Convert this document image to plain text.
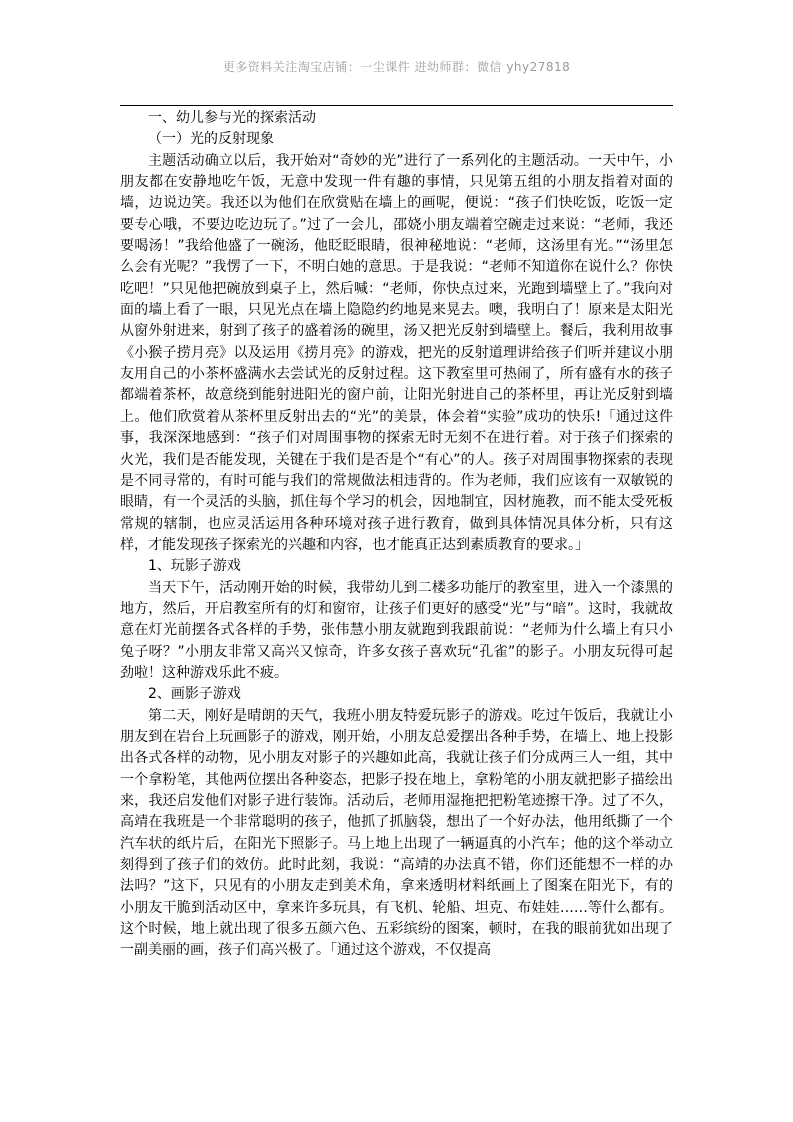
更多资料关注淘宝店铺：一尘课件 进幼师群：微信 yhy27818

一、幼儿参与光的探索活动

（一）光的反射现象

主题活动确立以后，我开始对“奇妙的光”进行了一系列化的主题活动。一天中午，小朋友都在安静地吃午饭，无意中发现一件有趣的事情，只见第五组的小朋友指着对面的墙，边说边笑。我还以为他们在欣赏贴在墙上的画呢，便说：“孩子们快吃饭，吃饭一定要专心哦，不要边吃边玩了。”过了一会儿，邵娆小朋友端着空碗走过来说：“老师，我还要喝汤！”我给他盛了一碗汤，他眨眨眼睛，很神秘地说：“老师，这汤里有光。”“汤里怎么会有光呢？”我愣了一下，不明白她的意思。于是我说：“老师不知道你在说什么？你快吃吧！”只见他把碗放到桌子上，然后喊：“老师，你快点过来，光跑到墙壁上了。”我向对面的墙上看了一眼，只见光点在墙上隐隐约约地晃来晃去。噢，我明白了！原来是太阳光从窗外射进来，射到了孩子的盛着汤的碗里，汤又把光反射到墙壁上。餐后，我利用故事《小猴子捞月亮》以及运用《捞月亮》的游戏，把光的反射道理讲给孩子们听并建议小朋友用自己的小茶杯盛满水去尝试光的反射过程。这下教室里可热闹了，所有盛有水的孩子都端着茶杯，故意绕到能射进阳光的窗户前，让阳光射进自己的茶杯里，再让光反射到墙上。他们欣赏着从茶杯里反射出去的“光”的美景，体会着“实验”成功的快乐!「通过这件事，我深深地感到：“孩子们对周围事物的探索无时无刻不在进行着。对于孩子们探索的火光，我们是否能发现，关键在于我们是否是个“有心”的人。孩子对周围事物探索的表现是不同寻常的，有时可能与我们的常规做法相违背的。作为老师，我们应该有一双敏锐的眼睛，有一个灵活的头脑，抓住每个学习的机会，因地制宜，因材施教，而不能太受死板常规的辖制，也应灵活运用各种环境对孩子进行教育，做到具体情况具体分析，只有这样，才能发现孩子探索光的兴趣和内容，也才能真正达到素质教育的要求。」

1、玩影子游戏

当天下午，活动刚开始的时候，我带幼儿到二楼多功能厅的教室里，进入一个漆黑的地方，然后，开启教室所有的灯和窗帘，让孩子们更好的感受“光”与“暗”。这时，我就故意在灯光前摆各式各样的手势，张伟慧小朋友就跑到我跟前说：“老师为什么墙上有只小兔子呀？”小朋友非常又高兴又惊奇，许多女孩子喜欢玩“孔雀”的影子。小朋友玩得可起劲啦！这种游戏乐此不疲。

2、画影子游戏

第二天，刚好是晴朗的天气，我班小朋友特爱玩影子的游戏。吃过午饭后，我就让小朋友到在岩台上玩画影子的游戏，刚开始，小朋友总爱摆出各种手势，在墙上、地上投影出各式各样的动物，见小朋友对影子的兴趣如此高，我就让孩子们分成两三人一组，其中一个拿粉笔，其他两位摆出各种姿态，把影子投在地上，拿粉笔的小朋友就把影子描绘出来，我还启发他们对影子进行装饰。活动后，老师用湿拖把把粉笔迹擦干净。过了不久，高靖在我班是一个非常聪明的孩子，他抓了抓脑袋，想出了一个好办法，他用纸撕了一个汽车状的纸片后，在阳光下照影子。马上地上出现了一辆逼真的小汽车；他的这个举动立刻得到了孩子们的效仿。此时此刻，我说：“高靖的办法真不错，你们还能想不一样的办法吗？”这下，只见有的小朋友走到美术角，拿来透明材料纸画上了图案在阳光下，有的小朋友干脆到活动区中，拿来许多玩具，有飞机、轮船、坦克、布娃娃……等什么都有。这个时候，地上就出现了很多五颜六色、五彩缤纷的图案，顿时，在我的眼前犹如出现了一副美丽的画，孩子们高兴极了。「通过这个游戏，不仅提高
